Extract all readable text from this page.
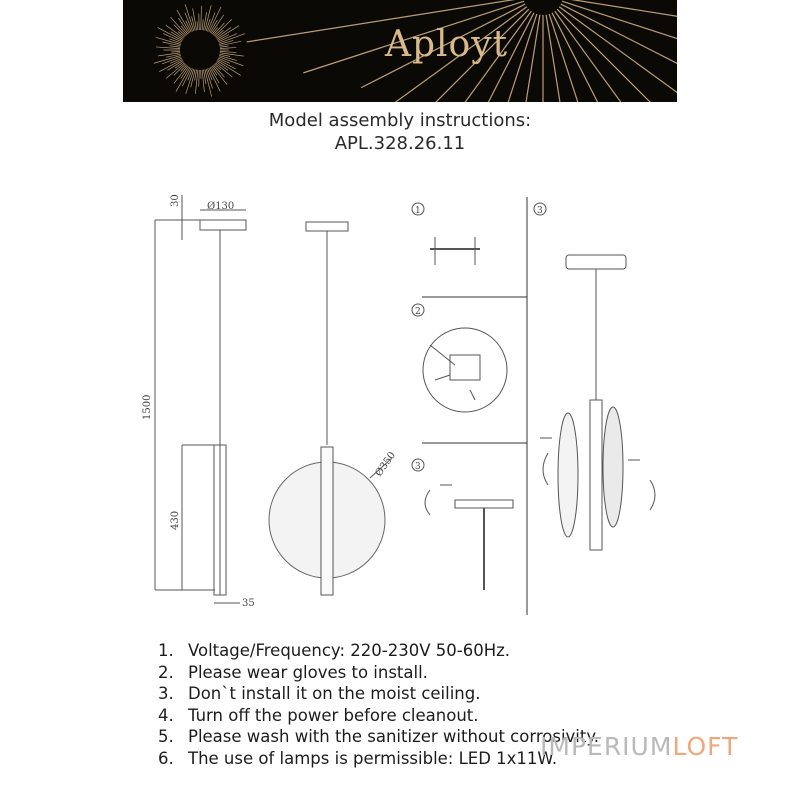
Aployt
Model assembly instructions:
APL.328.26.11
Ø130
30
1500
430
35
Ø350
1
2
3
3
1. Voltage/Frequency: 220-230V 50-60Hz.
2. Please wear gloves to install.
3. Don`t install it on the moist ceiling.
4. Turn off the power before cleanout.
5. Please wash with the sanitizer without corrosivity.
6. The use of lamps is permissible: LED 1x11W.
IMPERIUMLOFT
